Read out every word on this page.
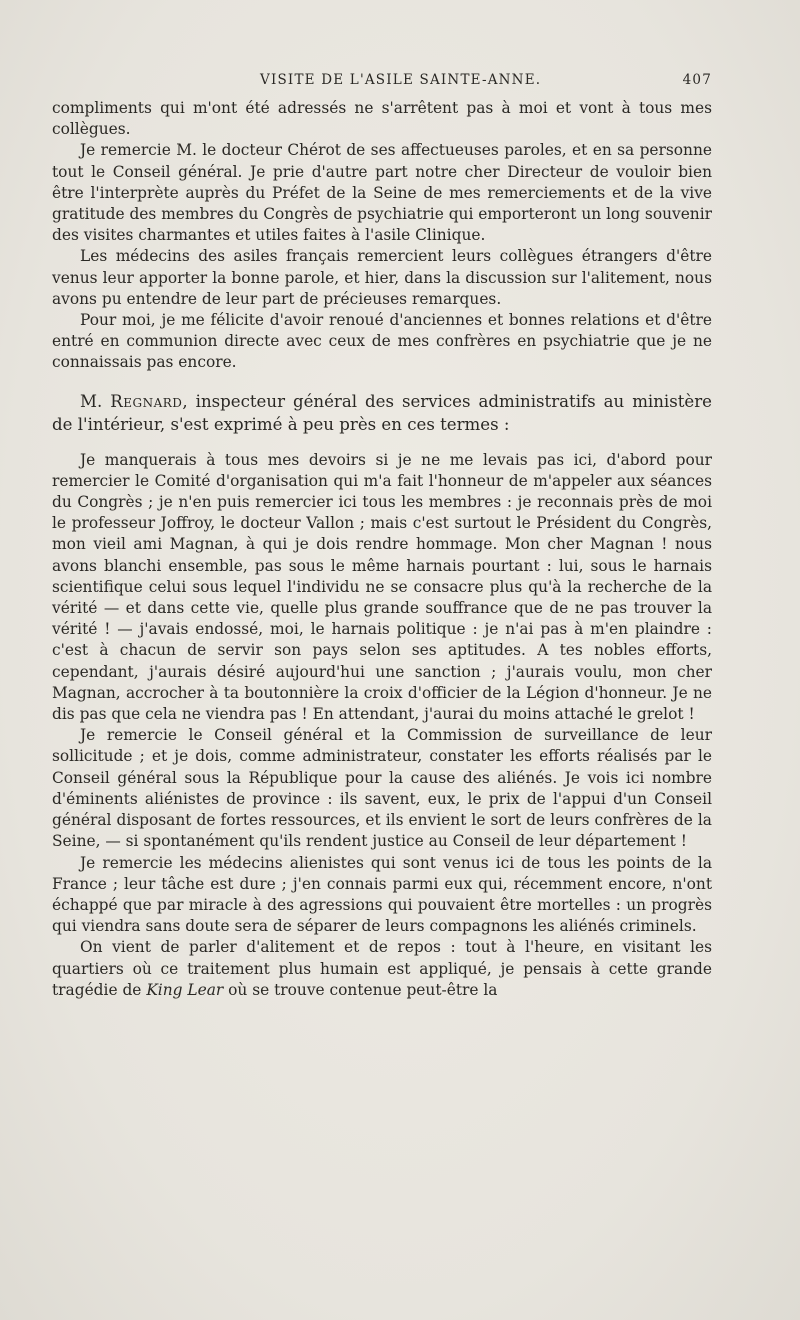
VISITE DE L'ASILE SAINTE-ANNE.	407

compliments qui m'ont été adressés ne s'arrêtent pas à moi et vont à tous mes collègues.

Je remercie M. le docteur Chérot de ses affectueuses paroles, et en sa personne tout le Conseil général. Je prie d'autre part notre cher Directeur de vouloir bien être l'interprète auprès du Préfet de la Seine de mes remerciements et de la vive gratitude des membres du Congrès de psychiatrie qui emporteront un long souvenir des visites charmantes et utiles faites à l'asile Clinique.

Les médecins des asiles français remercient leurs collègues étrangers d'être venus leur apporter la bonne parole, et hier, dans la discussion sur l'alitement, nous avons pu entendre de leur part de précieuses remarques.

Pour moi, je me félicite d'avoir renoué d'anciennes et bonnes relations et d'être entré en communion directe avec ceux de mes confrères en psychiatrie que je ne connaissais pas encore.

M. Regnard, inspecteur général des services administratifs au ministère de l'intérieur, s'est exprimé à peu près en ces termes :

Je manquerais à tous mes devoirs si je ne me levais pas ici, d'abord pour remercier le Comité d'organisation qui m'a fait l'honneur de m'appeler aux séances du Congrès ; je n'en puis remercier ici tous les membres : je reconnais près de moi le professeur Joffroy, le docteur Vallon ; mais c'est surtout le Président du Congrès, mon vieil ami Magnan, à qui je dois rendre hommage. Mon cher Magnan ! nous avons blanchi ensemble, pas sous le même harnais pourtant : lui, sous le harnais scientifique celui sous lequel l'individu ne se consacre plus qu'à la recherche de la vérité — et dans cette vie, quelle plus grande souffrance que de ne pas trouver la vérité ! — j'avais endossé, moi, le harnais politique : je n'ai pas à m'en plaindre : c'est à chacun de servir son pays selon ses aptitudes. A tes nobles efforts, cependant, j'aurais désiré aujourd'hui une sanction ; j'aurais voulu, mon cher Magnan, accrocher à ta boutonnière la croix d'officier de la Légion d'honneur. Je ne dis pas que cela ne viendra pas ! En attendant, j'aurai du moins attaché le grelot !

Je remercie le Conseil général et la Commission de surveillance de leur sollicitude ; et je dois, comme administrateur, constater les efforts réalisés par le Conseil général sous la République pour la cause des aliénés. Je vois ici nombre d'éminents aliénistes de province : ils savent, eux, le prix de l'appui d'un Conseil général disposant de fortes ressources, et ils envient le sort de leurs confrères de la Seine, — si spontanément qu'ils rendent justice au Conseil de leur département !

Je remercie les médecins alienistes qui sont venus ici de tous les points de la France ; leur tâche est dure ; j'en connais parmi eux qui, récemment encore, n'ont échappé que par miracle à des agressions qui pouvaient être mortelles : un progrès qui viendra sans doute sera de séparer de leurs compagnons les aliénés criminels.

On vient de parler d'alitement et de repos : tout à l'heure, en visitant les quartiers où ce traitement plus humain est appliqué, je pensais à cette grande tragédie de King Lear où se trouve contenue peut-être la
